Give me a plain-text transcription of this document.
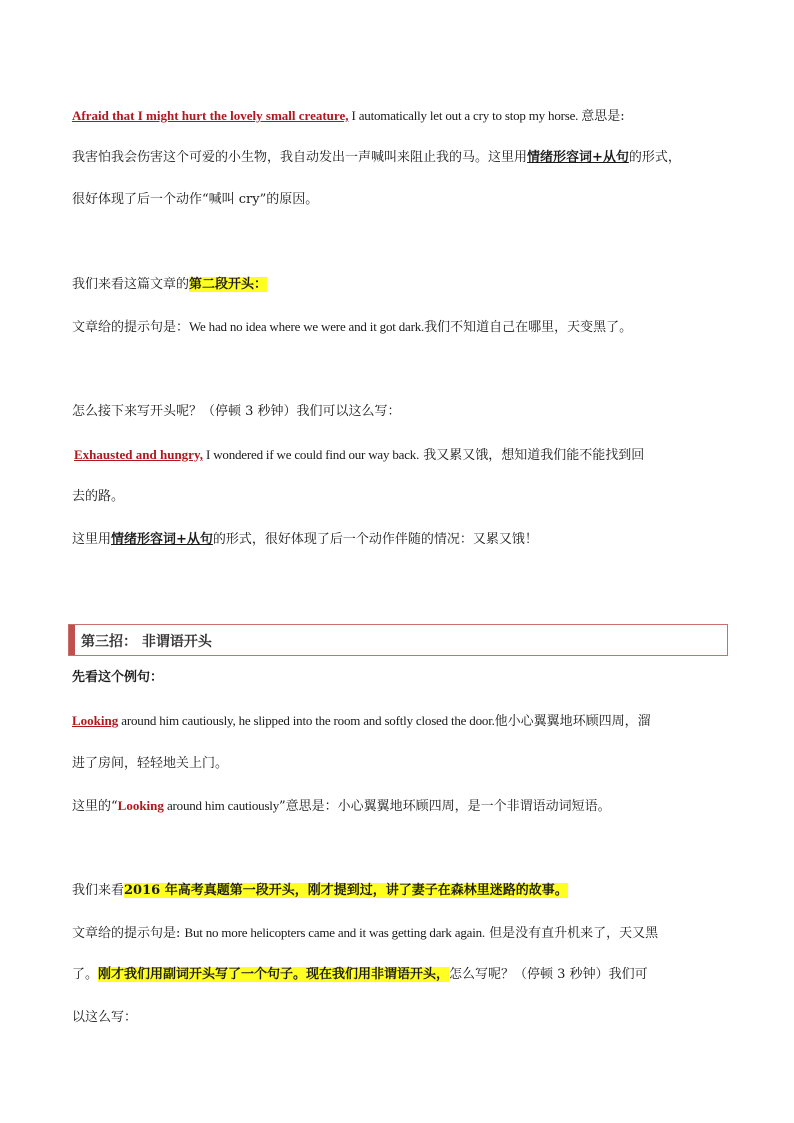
Afraid that I might hurt the lovely small creature, I automatically let out a cry to stop my horse. 意思是:
我害怕我会伤害这个可爱的小生物，我自动发出一声喊叫来阻止我的马。这里用情绪形容词+从句的形式，
很好体现了后一个动作“喊叫 cry”的原因。
我们来看这篇文章的第二段开头：
文章给的提示句是：We had no idea where we were and it got dark.我们不知道自己在哪里，天变黑了。
怎么接下来写开头呢？（停顿 3 秒钟）我们可以这么写：
Exhausted and hungry, I wondered if we could find our way back. 我又累又饿，想知道我们能不能找到回
去的路。
这里用情绪形容词+从句的形式，很好体现了后一个动作伴随的情况：又累又饿！
第三招： 非谓语开头
先看这个例句：
Looking around him cautiously, he slipped into the room and softly closed the door.他小心翼翼地环顾四周，溜
进了房间，轻轻地关上门。
这里的“Looking around him cautiously”意思是：小心翼翼地环顾四周，是一个非谓语动词短语。
我们来看2016 年高考真题第一段开头，刚才提到过，讲了妻子在森林里迷路的故事。
文章给的提示句是: But no more helicopters came and it was getting dark again. 但是没有直升机来了，天又黑
了。刚才我们用副词开头写了一个句子。现在我们用非谓语开头，怎么写呢？（停顿 3 秒钟）我们可
以这么写：
